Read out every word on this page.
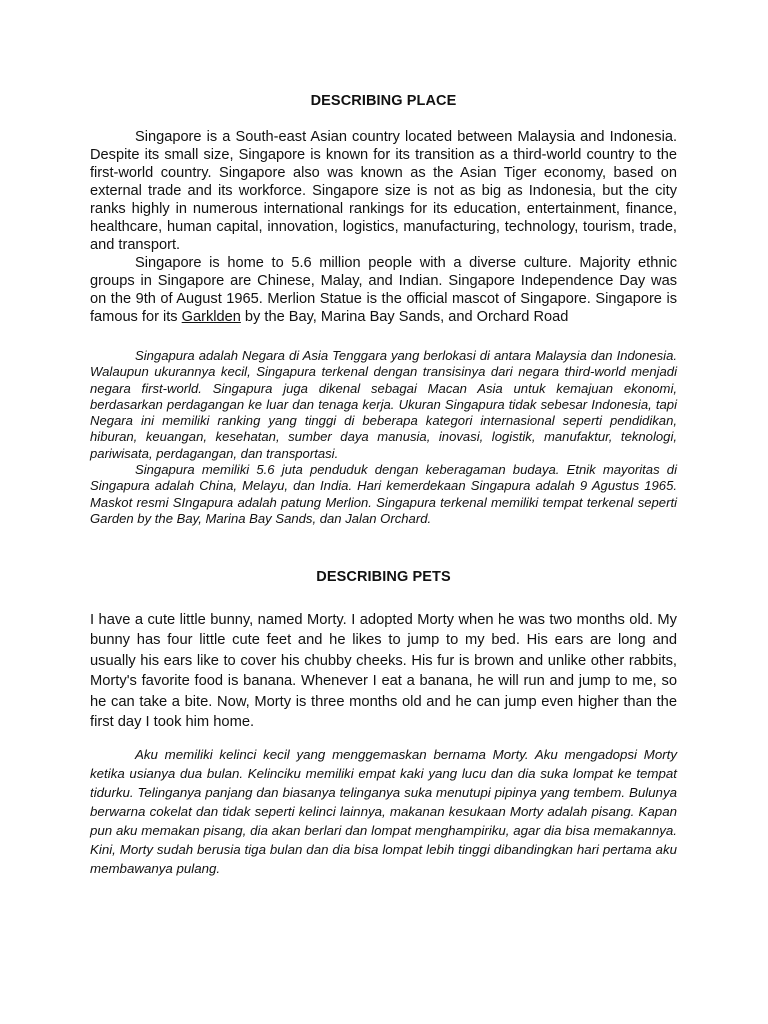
DESCRIBING PLACE

Singapore is a South-east Asian country located between Malaysia and Indonesia. Despite its small size, Singapore is known for its transition as a third-world country to the first-world country. Singapore also was known as the Asian Tiger economy, based on external trade and its workforce. Singapore size is not as big as Indonesia, but the city ranks highly in numerous international rankings for its education, entertainment, finance, healthcare, human capital, innovation, logistics, manufacturing, technology, tourism, trade, and transport.

Singapore is home to 5.6 million people with a diverse culture. Majority ethnic groups in Singapore are Chinese, Malay, and Indian. Singapore Independence Day was on the 9th of August 1965. Merlion Statue is the official mascot of Singapore. Singapore is famous for its Garklden by the Bay, Marina Bay Sands, and Orchard Road

Singapura adalah Negara di Asia Tenggara yang berlokasi di antara Malaysia dan Indonesia. Walaupun ukurannya kecil, Singapura terkenal dengan transisinya dari negara third-world menjadi negara first-world. Singapura juga dikenal sebagai Macan Asia untuk kemajuan ekonomi, berdasarkan perdagangan ke luar dan tenaga kerja. Ukuran Singapura tidak sebesar Indonesia, tapi Negara ini memiliki ranking yang tinggi di beberapa kategori internasional seperti pendidikan, hiburan, keuangan, kesehatan, sumber daya manusia, inovasi, logistik, manufaktur, teknologi, pariwisata, perdagangan, dan transportasi.

Singapura memiliki 5.6 juta penduduk dengan keberagaman budaya. Etnik mayoritas di Singapura adalah China, Melayu, dan India. Hari kemerdekaan Singapura adalah 9 Agustus 1965. Maskot resmi SIngapura adalah patung Merlion. Singapura terkenal memiliki tempat terkenal seperti Garden by the Bay, Marina Bay Sands, dan Jalan Orchard.

DESCRIBING PETS

I have a cute little bunny, named Morty. I adopted Morty when he was two months old. My bunny has four little cute feet and he likes to jump to my bed. His ears are long and usually his ears like to cover his chubby cheeks. His fur is brown and unlike other rabbits, Morty's favorite food is banana. Whenever I eat a banana, he will run and jump to me, so he can take a bite. Now, Morty is three months old and he can jump even higher than the first day I took him home.

Aku memiliki kelinci kecil yang menggemaskan bernama Morty. Aku mengadopsi Morty ketika usianya dua bulan. Kelinciku memiliki empat kaki yang lucu dan dia suka lompat ke tempat tidurku. Telinganya panjang dan biasanya telinganya suka menutupi pipinya yang tembem. Bulunya berwarna cokelat dan tidak seperti kelinci lainnya, makanan kesukaan Morty adalah pisang. Kapan pun aku memakan pisang, dia akan berlari dan lompat menghampiriku, agar dia bisa memakannya. Kini, Morty sudah berusia tiga bulan dan dia bisa lompat lebih tinggi dibandingkan hari pertama aku membawanya pulang.
